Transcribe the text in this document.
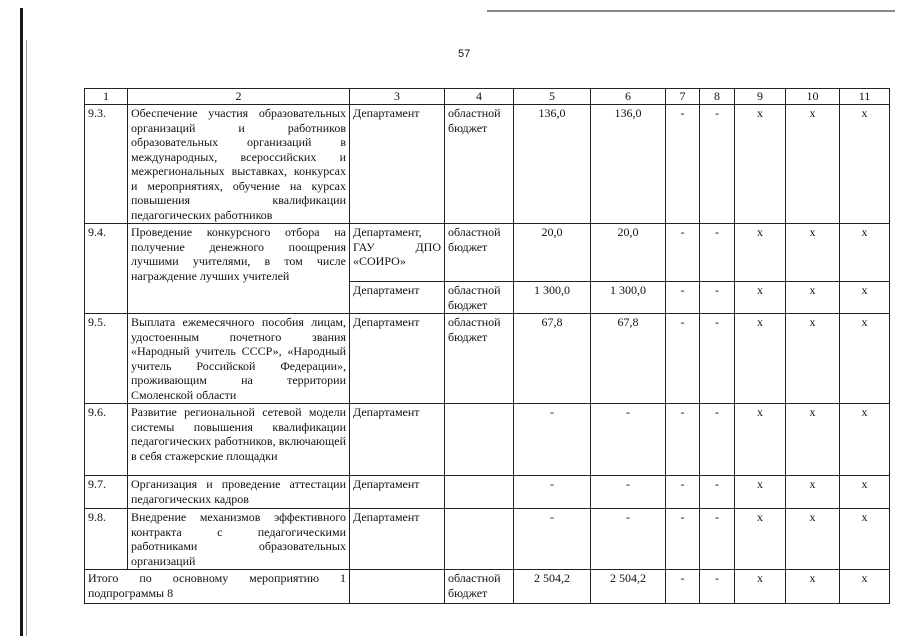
57
1	2	3	4	5	6	7	8	9	10	11
9.3.	Обеспечение участия образовательных организаций и работников образовательных организаций в международных, всероссийских и межрегиональных выставках, конкурсах и мероприятиях, обучение на курсах повышения квалификации педагогических работников	Департамент	областной бюджет	136,0	136,0	-	-	х	х	х
9.4.	Проведение конкурсного отбора на получение денежного поощрения лучшими учителями, в том числе награждение лучших учителей	Департамент, ГАУ ДПО «СОИРО»	областной бюджет	20,0	20,0	-	-	х	х	х
		Департамент	областной бюджет	1 300,0	1 300,0	-	-	х	х	х
9.5.	Выплата ежемесячного пособия лицам, удостоенным почетного звания «Народный учитель СССР», «Народный учитель Российской Федерации», проживающим на территории Смоленской области	Департамент	областной бюджет	67,8	67,8	-	-	х	х	х
9.6.	Развитие региональной сетевой модели системы повышения квалификации педагогических работников, включающей в себя стажерские площадки	Департамент		-	-	-	-	х	х	х
9.7.	Организация и проведение аттестации педагогических кадров	Департамент		-	-	-	-	х	х	х
9.8.	Внедрение механизмов эффективного контракта с педагогическими работниками образовательных организаций	Департамент		-	-	-	-	х	х	х
Итого по основному мероприятию 1 подпрограммы 8			областной бюджет	2 504,2	2 504,2	-	-	х	х	х
